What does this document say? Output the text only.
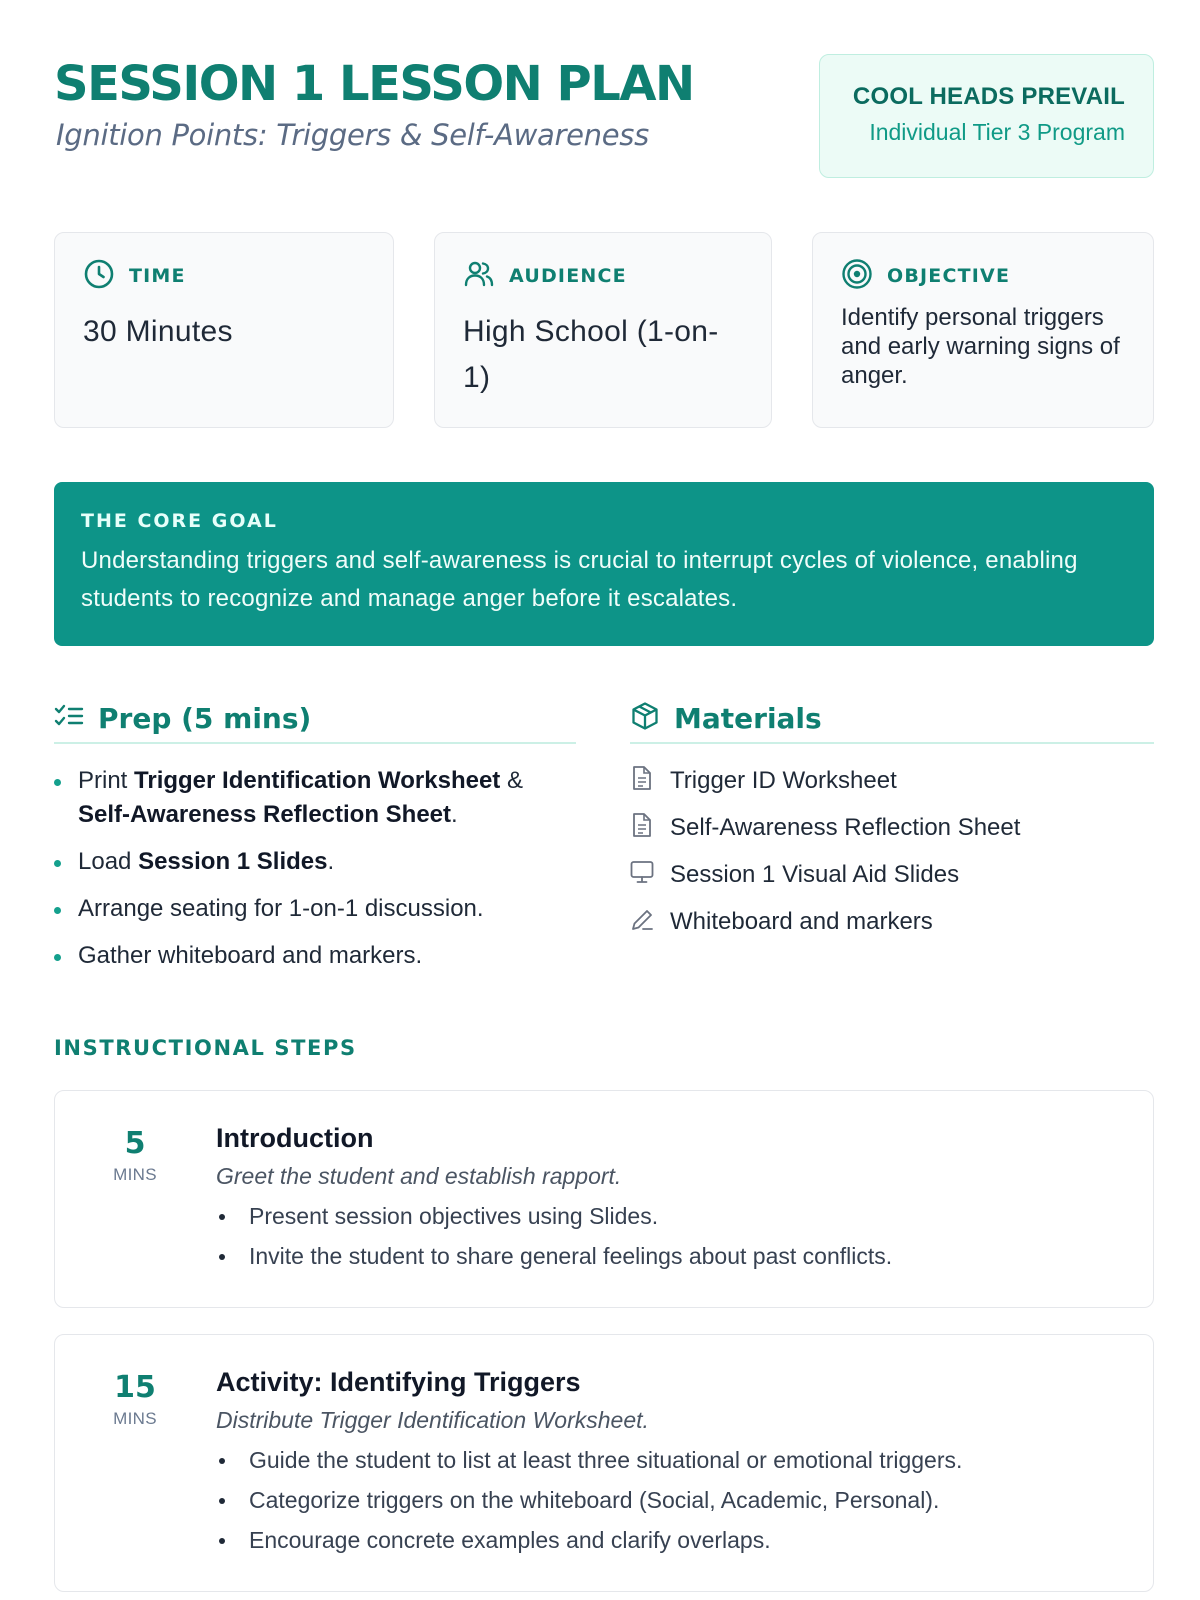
SESSION 1 LESSON PLAN
Ignition Points: Triggers & Self-Awareness
COOL HEADS PREVAIL
Individual Tier 3 Program
TIME
30 Minutes
AUDIENCE
High School (1-on-1)
OBJECTIVE
Identify personal triggers and early warning signs of anger.
THE CORE GOAL
Understanding triggers and self-awareness is crucial to interrupt cycles of violence, enabling students to recognize and manage anger before it escalates.
Prep (5 mins)
Print Trigger Identification Worksheet & Self-Awareness Reflection Sheet.
Load Session 1 Slides.
Arrange seating for 1-on-1 discussion.
Gather whiteboard and markers.
Materials
Trigger ID Worksheet
Self-Awareness Reflection Sheet
Session 1 Visual Aid Slides
Whiteboard and markers
INSTRUCTIONAL STEPS
5
MINS
Introduction
Greet the student and establish rapport.
Present session objectives using Slides.
Invite the student to share general feelings about past conflicts.
15
MINS
Activity: Identifying Triggers
Distribute Trigger Identification Worksheet.
Guide the student to list at least three situational or emotional triggers.
Categorize triggers on the whiteboard (Social, Academic, Personal).
Encourage concrete examples and clarify overlaps.
